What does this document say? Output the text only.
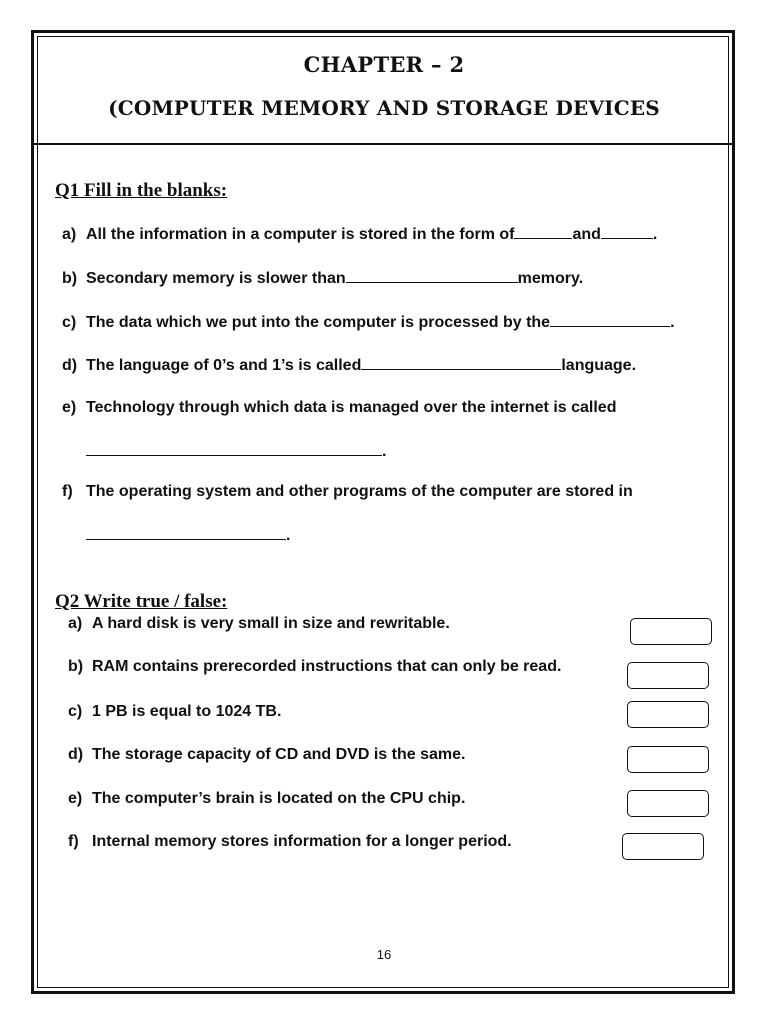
CHAPTER – 2
(COMPUTER MEMORY AND STORAGE DEVICES
Q1 Fill in the blanks:
a) All the information in a computer is stored in the form of	and	.
b) Secondary memory is slower than	memory.
c) The data which we put into the computer is processed by the	.
d) The language of 0’s and 1’s is called	language.
e) Technology through which data is managed over the internet is called
.
f) The operating system and other programs of the computer are stored in
.
Q2 Write true / false:
a) A hard disk is very small in size and rewritable.
b) RAM contains prerecorded instructions that can only be read.
c) 1 PB is equal to 1024 TB.
d) The storage capacity of CD and DVD is the same.
e) The computer’s brain is located on the CPU chip.
f) Internal memory stores information for a longer period.
16
